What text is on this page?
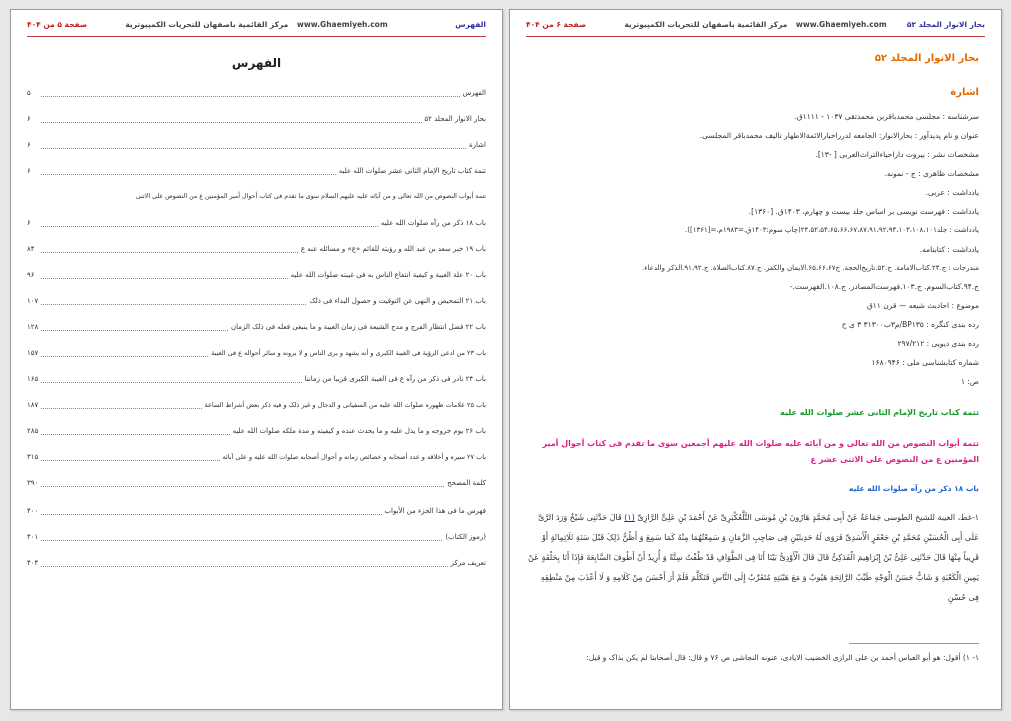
الفهرس
www.Ghaemiyeh.com مرکز القائمیة باصفهان للتحریات الکمپیوتریة
صفحة ۵ من ۴۰۴
الفهرس
الفهرس
۵
بحار الانوار المجلد ۵۲
۶
اشارة
۶
تتمة کتاب تاریخ الإمام الثانی عشر صلوات الله علیه
۶
تتمة أبواب النصوص من الله تعالی و من آبائه علیه علیهم السلام سوی ما تقدم فی کتاب أحوال أمیر المؤمنین ع من النصوص علی الاثنی
باب ۱۸ ذکر من رآه صلوات الله علیه
۶
باب ۱۹ خبر سعد بن عبد الله و رؤیته للقائم «ع» و مسائله عنه ع
۸۴
باب ۲۰ علة الغیبة و کیفیة انتفاع الناس به فی غیبته صلوات الله علیه
۹۶
باب ۲۱ التمحیص و النهی عن التوقیت و حصول البداء فی ذلک
۱۰۷
باب ۲۲ فضل انتظار الفرج و مدح الشیعة فی زمان الغیبة و ما ینبغی فعله فی ذلک الزمان
۱۲۸
باب ۲۳ من ادعی الرؤیة فی الغیبة الکبری و أنه یشهد و یری الناس و لا یرونه و سائر أحواله ع فی الغیبة
۱۵۷
باب ۲۴ نادر فی ذکر من رآه ع فی الغیبة الکبری قریبا من زماننا
۱۶۵
باب ۲۵ علامات ظهوره صلوات الله علیه من السفیانی و الدجال و غیر ذلک و فیه ذکر بعض أشراط الساعة
۱۸۷
باب ۲۶ یوم خروجه و ما یدل علیه و ما یحدث عنده و کیفیته و مدة ملکه صلوات الله علیه
۲۸۵
باب ۲۷ سیره و أخلاقه و عدد أصحابه و خصائص زمانه و أحوال أصحابه صلوات الله علیه و علی آبائه
۳۱۵
کلمة المصحح
۳۹۰
فهرس ما فی هذا الجزء من الأبواب
۴۰۰
(رموز الکتاب)
۴۰۱
تعریف مرکز
۴۰۴
بحار الانوار المجلد ۵۲
www.Ghaemiyeh.com مرکز القائمیة باصفهان للتحریات الکمپیوتریة
صفحة ۶ من ۴۰۴
بحار الانوار المجلد ۵۲
اشارة
سرشناسه : مجلسی محمدباقربن محمدتقی ۱۰۳۷ - ۱۱۱۱ق.
عنوان و نام پدیدآور : بحارالانوار: الجامعه لدرراخبارالائمة‌الاطهار تالیف محمدباقر المجلسی.
مشخصات نشر : بیروت داراحیاءالتراث‌العربی [ -۱۳].
مشخصات ظاهری : ج - نمونه.
یادداشت : عربی.
یادداشت : فهرست نویسی بر اساس جلد بیست و چهارم، ۱۴۰۳ق. [۱۳۶۰].
یادداشت : جلد۲۴،۵۲،۵۴،۶۵،۶۶،۶۷،۸۷،۹۱،۹۲،۹۴،۱۰۳،۱۰۸،۱۰۱(چاپ سوم:۱۴۰۳ق.=۱۹۸۳م.=[۱۳۶۱]).
یادداشت : کتابنامه.
مندرجات : ج.۲۴.کتاب‌الامامة. ج.۵۲.تاریخ‌الحجة. ج۶۵،۶۶،۶۷.الایمان والکفر. ج.۸۷.کتاب‌الصلاة. ج.۹۱،۹۲.الذکر والدعاء.
ج.۹۴.کتاب‌السوم. ج.۱۰۳.فهرست‌المصادر. ج.۱۰۸.الفهرست.-
موضوع : احادیث شیعه — قرن ۱۱ق
رده بندی کنگره : BP۱۳۵/م۳ب۳۱۳۰۰ ۳ ی ح
رده بندی دیویی : ۲۹۷/۲۱۲
شماره کتابشناسی ملی : ۱۶۸۰۹۴۶
ص: ۱
تتمة کتاب تاریخ الإمام الثانی عشر صلوات الله علیه
تتمة أبواب النصوص من الله تعالی و من آبائه علیه صلوات الله علیهم أجمعین سوی ما تقدم فی کتاب أحوال أمیر المؤمنین ع من النصوص علی الاثنی عشر ع
باب ۱۸ ذکر من رآه صلوات الله علیه
۱-غط، الغیبة للشیخ الطوسی جَمَاعَةٌ عَنْ أَبِی مُحَمَّدٍ هَارُونَ بْنِ مُوسَی التَّلَّعُکْبَرِیِّ عَنْ أَحْمَدَ بْنِ عَلِیٍّ الرَّازِیِّ (۱) قَالَ حَدَّثَنِی شَیْخٌ وَرَدَ الرَّیَّ عَلَی أَبِی الْحُسَیْنِ مُحَمَّدِ بْنِ جَعْفَرٍ الْأَسَدِیِّ فَرَوَی لَهُ حَدِیثَیْنِ فِی صَاحِبِ الزَّمَانِ وَ سَمِعْتُهُمَا مِنْهُ کَمَا سَمِعَ وَ أَظُنُّ ذَلِکَ قَبْلَ سَنَةِ ثَلَاثِمِائَةٍ أَوْ قَرِیباً مِنْهَا قَالَ حَدَّثَنِی عَلِیُّ بْنُ إِبْرَاهِیمَ الْفَدَکِیُّ قَالَ قَالَ الْأَوْدِیُّ بَیْنَا أَنَا فِی الطَّوَافِ قَدْ طُفْتُ سِتَّةً وَ أُرِیدُ أَنْ أَطُوفَ السَّابِعَةَ فَإِذَا أَنَا بِحَلْقَةٍ عَنْ یَمِینِ الْکَعْبَةِ وَ شَابٌّ حَسَنُ الْوَجْهِ طَیِّبُ الرَّائِحَةِ هَیُوبٌ وَ مَعَ هَیْبَتِهِ مُتَقَرِّبٌ إِلَی النَّاسِ فَتَکَلَّمَ فَلَمْ أَرَ أَحْسَنَ مِنْ کَلَامِهِ وَ لَا أَعْذَبَ مِنْ مَنْطِقِهِ فِی حُسْنِ
۱- ۱) أقول: هو أبو العباس أحمد بن علی الرازی الخضیب الایادی، عنونه النجاشی ص ۷۶ و قال: قال أصحابنا لم یکن بذاک و قیل:
